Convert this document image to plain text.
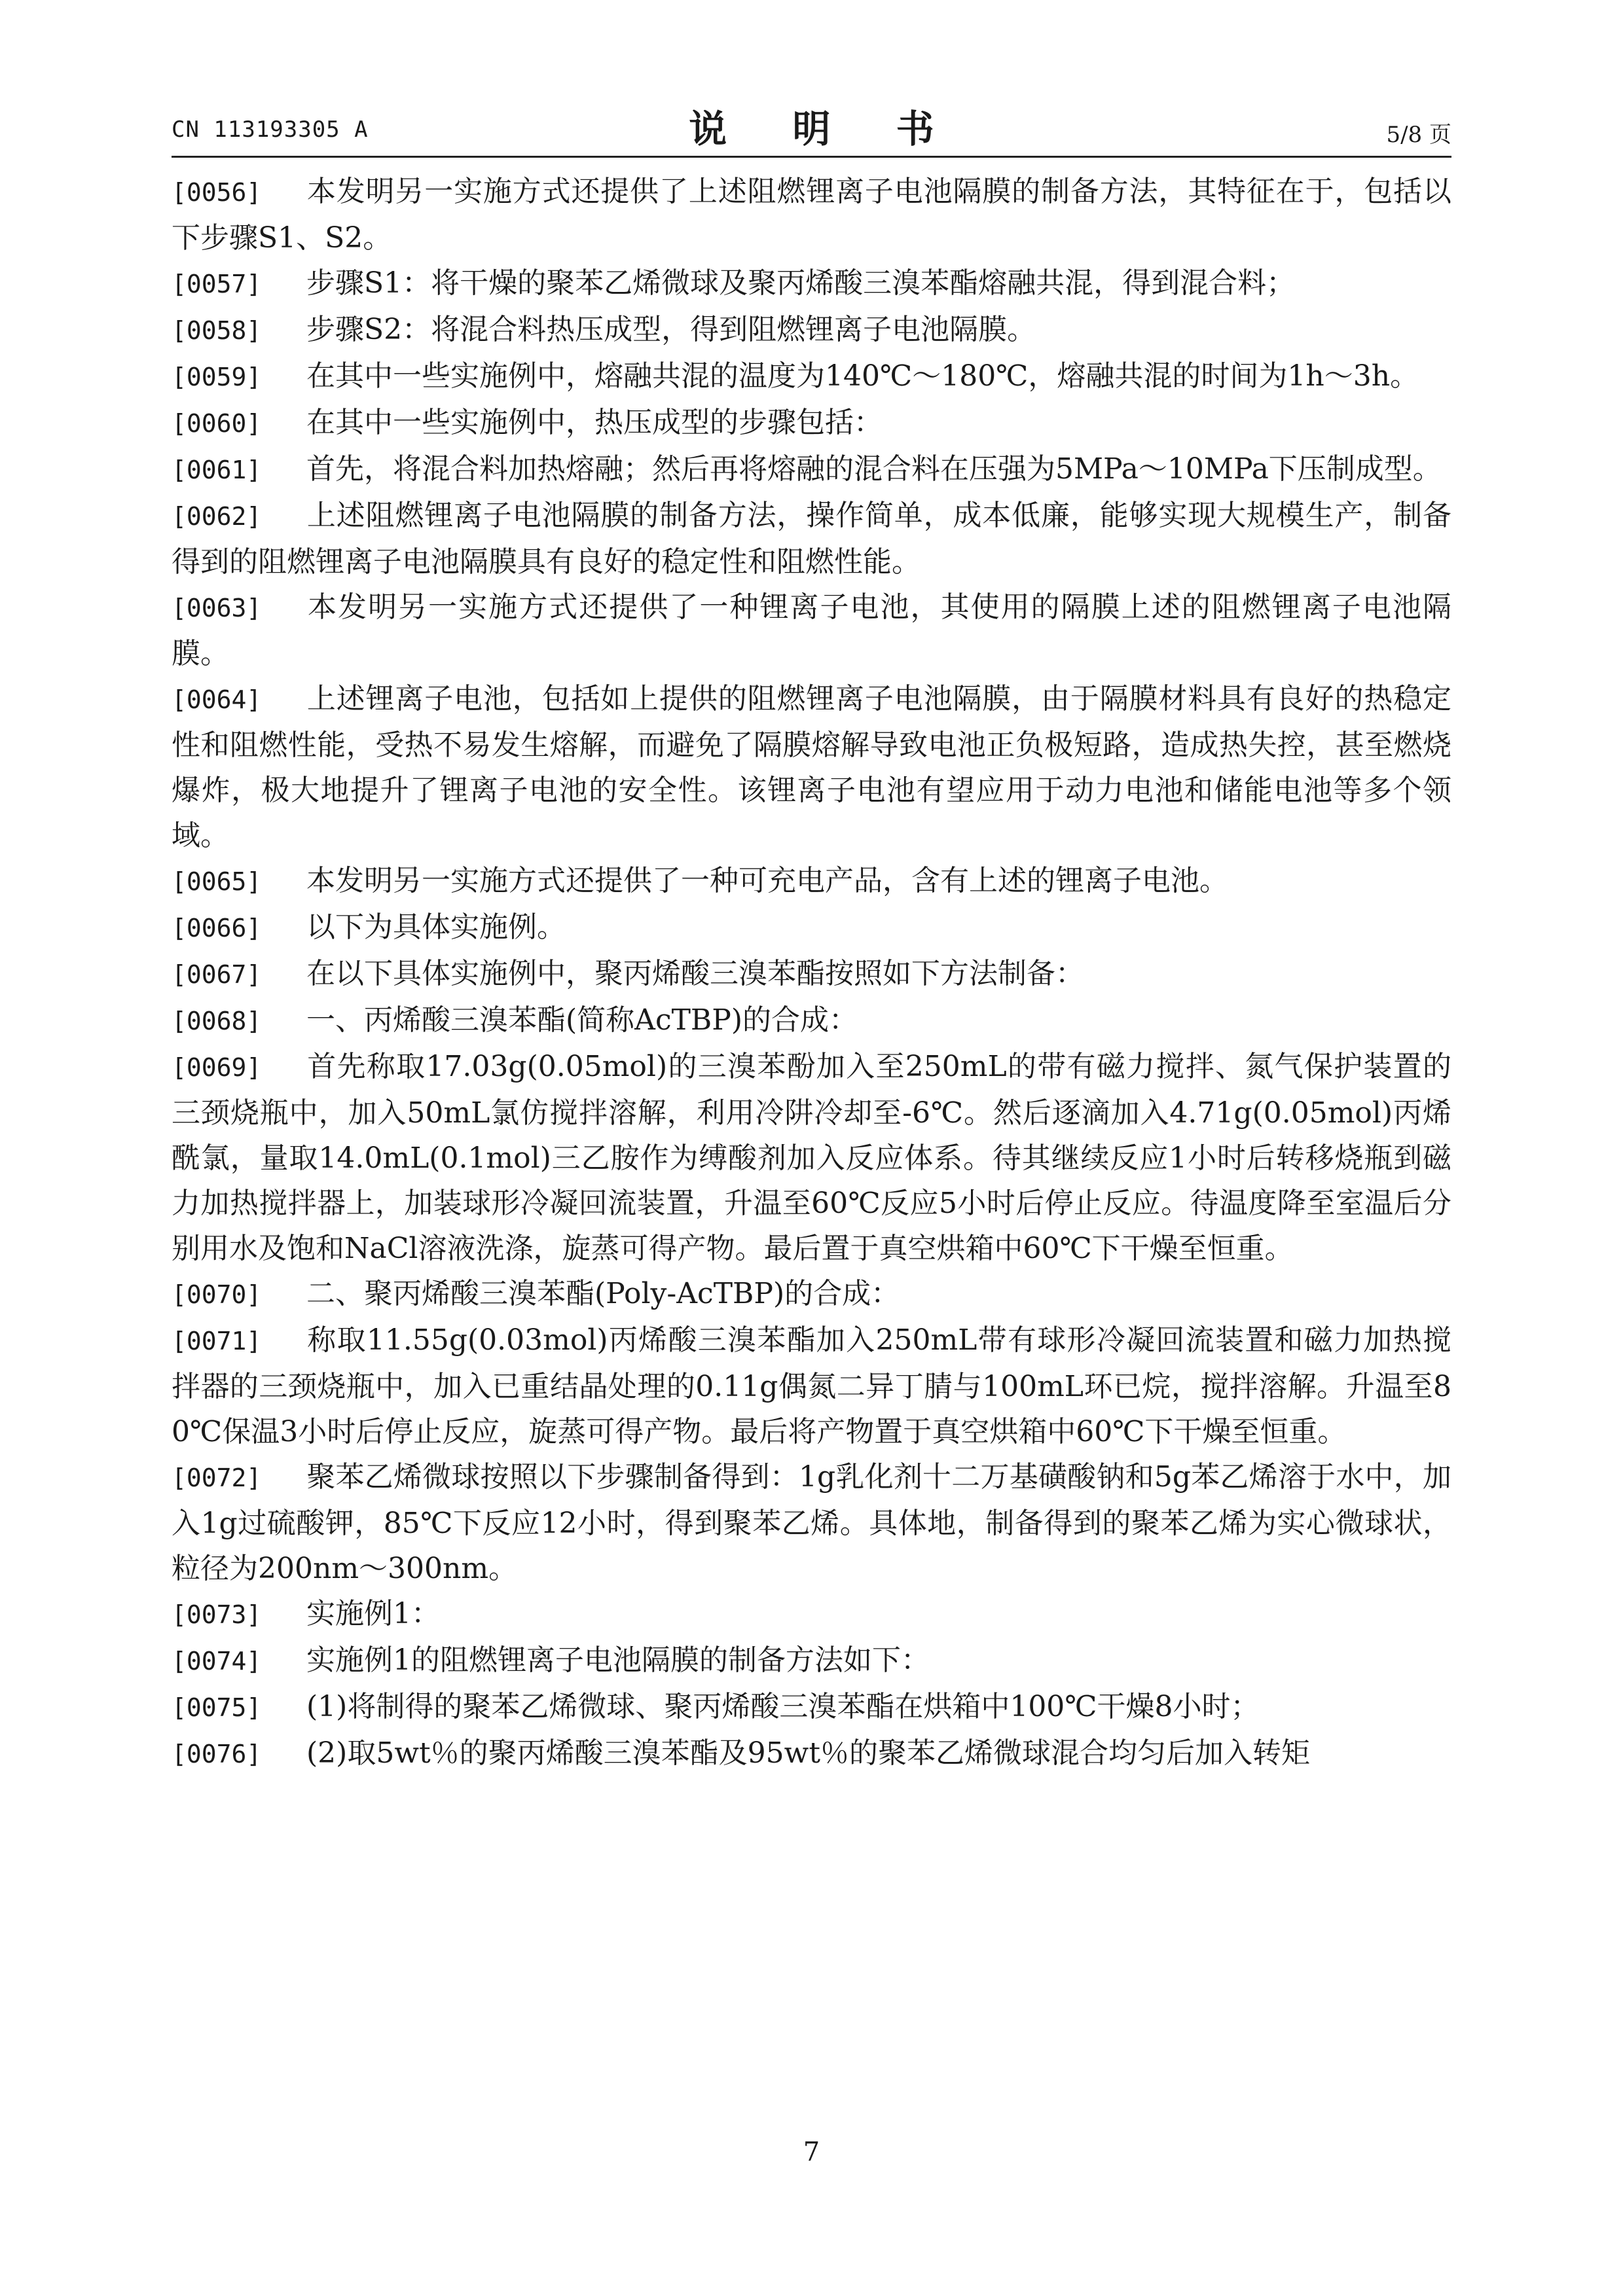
CN 113193305 A	说 明 书	5/8 页

[0056] 本发明另一实施方式还提供了上述阻燃锂离子电池隔膜的制备方法，其特征在于，包括以下步骤S1、S2。

[0057] 步骤S1：将干燥的聚苯乙烯微球及聚丙烯酸三溴苯酯熔融共混，得到混合料；

[0058] 步骤S2：将混合料热压成型，得到阻燃锂离子电池隔膜。

[0059] 在其中一些实施例中，熔融共混的温度为140℃～180℃，熔融共混的时间为1h～3h。

[0060] 在其中一些实施例中，热压成型的步骤包括：

[0061] 首先，将混合料加热熔融；然后再将熔融的混合料在压强为5MPa～10MPa下压制成型。

[0062] 上述阻燃锂离子电池隔膜的制备方法，操作简单，成本低廉，能够实现大规模生产，制备得到的阻燃锂离子电池隔膜具有良好的稳定性和阻燃性能。

[0063] 本发明另一实施方式还提供了一种锂离子电池，其使用的隔膜上述的阻燃锂离子电池隔膜。

[0064] 上述锂离子电池，包括如上提供的阻燃锂离子电池隔膜，由于隔膜材料具有良好的热稳定性和阻燃性能，受热不易发生熔解，而避免了隔膜熔解导致电池正负极短路，造成热失控，甚至燃烧爆炸，极大地提升了锂离子电池的安全性。该锂离子电池有望应用于动力电池和储能电池等多个领域。

[0065] 本发明另一实施方式还提供了一种可充电产品，含有上述的锂离子电池。

[0066] 以下为具体实施例。

[0067] 在以下具体实施例中，聚丙烯酸三溴苯酯按照如下方法制备：

[0068] 一、丙烯酸三溴苯酯(简称AcTBP)的合成：

[0069] 首先称取17.03g(0.05mol)的三溴苯酚加入至250mL的带有磁力搅拌、氮气保护装置的三颈烧瓶中，加入50mL氯仿搅拌溶解，利用冷阱冷却至-6℃。然后逐滴加入4.71g(0.05mol)丙烯酰氯，量取14.0mL(0.1mol)三乙胺作为缚酸剂加入反应体系。待其继续反应1小时后转移烧瓶到磁力加热搅拌器上，加装球形冷凝回流装置，升温至60℃反应5小时后停止反应。待温度降至室温后分别用水及饱和NaCl溶液洗涤，旋蒸可得产物。最后置于真空烘箱中60℃下干燥至恒重。

[0070] 二、聚丙烯酸三溴苯酯(Poly-AcTBP)的合成：

[0071] 称取11.55g(0.03mol)丙烯酸三溴苯酯加入250mL带有球形冷凝回流装置和磁力加热搅拌器的三颈烧瓶中，加入已重结晶处理的0.11g偶氮二异丁腈与100mL环已烷，搅拌溶解。升温至80℃保温3小时后停止反应，旋蒸可得产物。最后将产物置于真空烘箱中60℃下干燥至恒重。

[0072] 聚苯乙烯微球按照以下步骤制备得到：1g乳化剂十二万基磺酸钠和5g苯乙烯溶于水中，加入1g过硫酸钾，85℃下反应12小时，得到聚苯乙烯。具体地，制备得到的聚苯乙烯为实心微球状，粒径为200nm～300nm。

[0073] 实施例1：

[0074] 实施例1的阻燃锂离子电池隔膜的制备方法如下：

[0075] (1)将制得的聚苯乙烯微球、聚丙烯酸三溴苯酯在烘箱中100℃干燥8小时；

[0076] (2)取5wt％的聚丙烯酸三溴苯酯及95wt％的聚苯乙烯微球混合均匀后加入转矩

7
